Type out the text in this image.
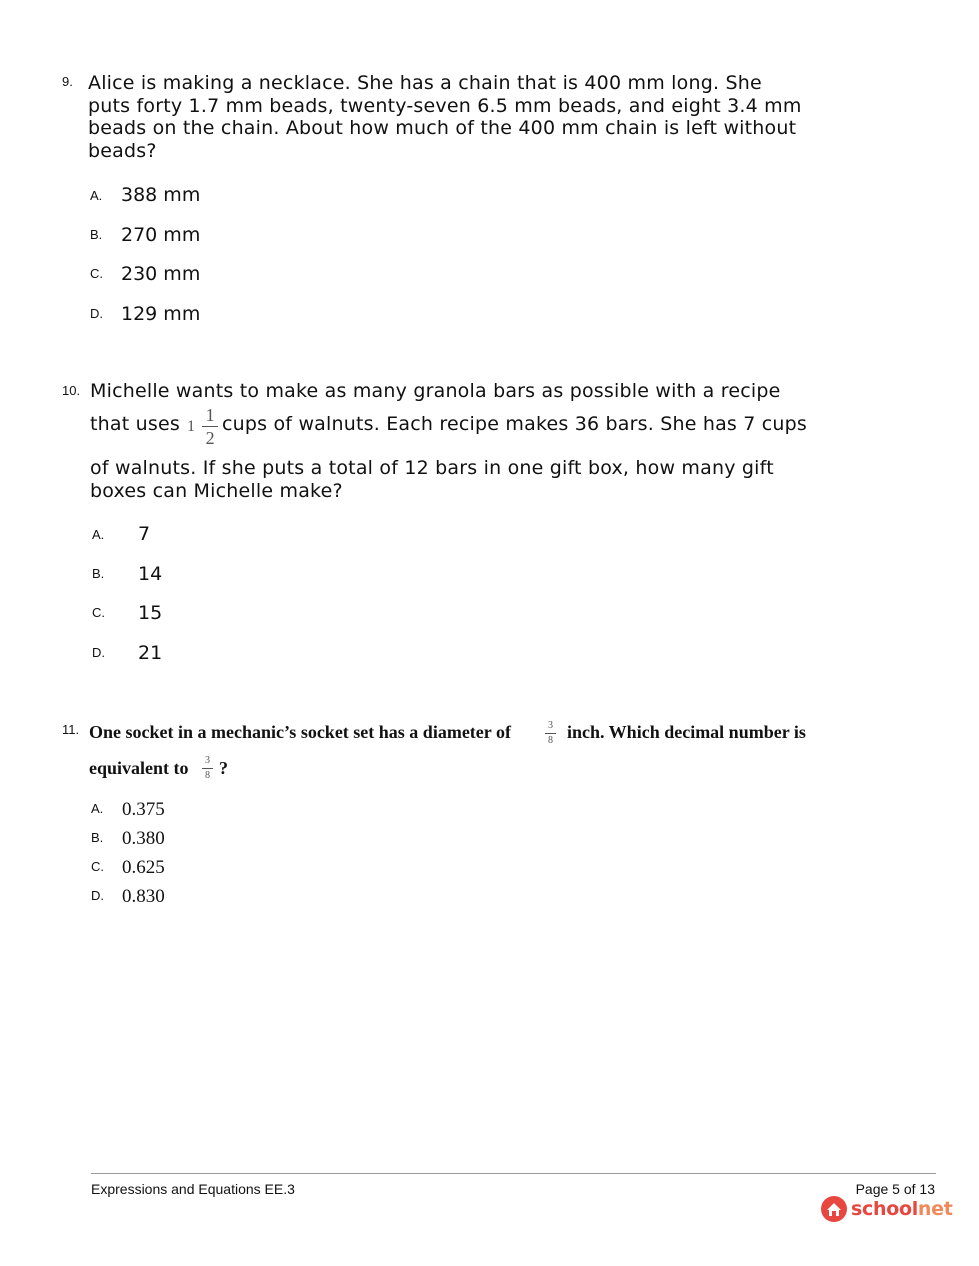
9. Alice is making a necklace. She has a chain that is 400 mm long. She
puts forty 1.7 mm beads, twenty-seven 6.5 mm beads, and eight 3.4 mm
beads on the chain. About how much of the 400 mm chain is left without
beads?
A. 388 mm
B. 270 mm
C. 230 mm
D. 129 mm
10. Michelle wants to make as many granola bars as possible with a recipe
that uses $1 \frac{1}{2}$ cups of walnuts. Each recipe makes 36 bars. She has 7 cups
of walnuts. If she puts a total of 12 bars in one gift box, how many gift
boxes can Michelle make?
A. 7
B. 14
C. 15
D. 21
11. One socket in a mechanic’s socket set has a diameter of	$\frac{3}{8}$ inch. Which decimal number is
equivalent to $\frac{3}{8}$ ?
A. 0.375
B. 0.380
C. 0.625
D. 0.830
Expressions and Equations EE.3	Page 5 of 13
schoolnet
